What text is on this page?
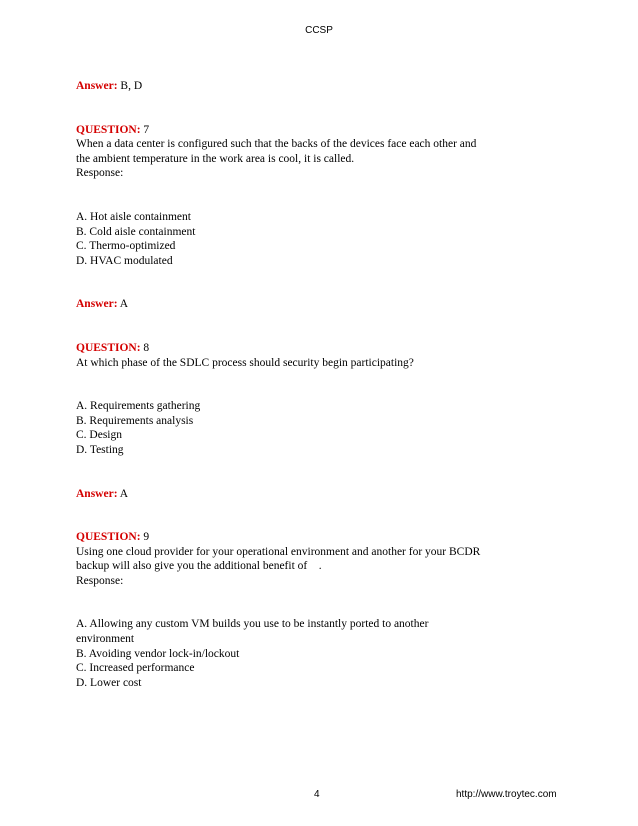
CCSP
Answer: B, D
QUESTION: 7
When a data center is configured such that the backs of the devices face each other and
the ambient temperature in the work area is cool, it is called.
Response:
A. Hot aisle containment
B. Cold aisle containment
C. Thermo-optimized
D. HVAC modulated
Answer: A
QUESTION: 8
At which phase of the SDLC process should security begin participating?
A. Requirements gathering
B. Requirements analysis
C. Design
D. Testing
Answer: A
QUESTION: 9
Using one cloud provider for your operational environment and another for your BCDR
backup will also give you the additional benefit of    .
Response:
A. Allowing any custom VM builds you use to be instantly ported to another
environment
B. Avoiding vendor lock-in/lockout
C. Increased performance
D. Lower cost
4	http://www.troytec.com
